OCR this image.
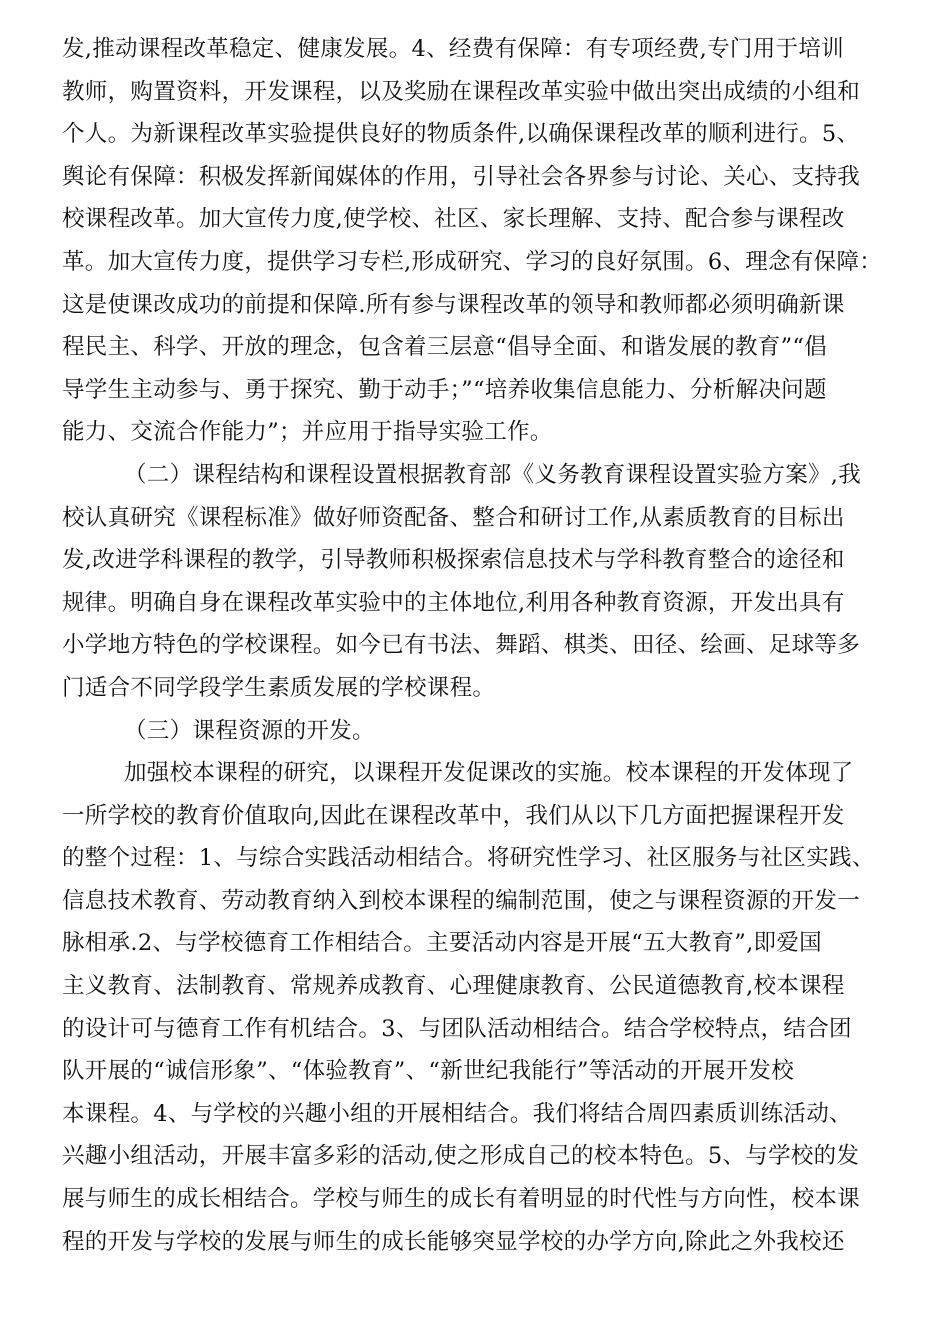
发,推动课程改革稳定、健康发展。4、经费有保障：有专项经费,专门用于培训
教师，购置资料，开发课程，以及奖励在课程改革实验中做出突出成绩的小组和
个人。为新课程改革实验提供良好的物质条件,以确保课程改革的顺利进行。5、
舆论有保障：积极发挥新闻媒体的作用，引导社会各界参与讨论、关心、支持我
校课程改革。加大宣传力度,使学校、社区、家长理解、支持、配合参与课程改
革。加大宣传力度，提供学习专栏,形成研究、学习的良好氛围。6、理念有保障：
这是使课改成功的前提和保障.所有参与课程改革的领导和教师都必须明确新课
程民主、科学、开放的理念，包含着三层意“倡导全面、和谐发展的教育”“倡
导学生主动参与、勇于探究、勤于动手；”“培养收集信息能力、分析解决问题
能力、交流合作能力”；并应用于指导实验工作。
（二）课程结构和课程设置根据教育部《义务教育课程设置实验方案》,我
校认真研究《课程标准》做好师资配备、整合和研讨工作,从素质教育的目标出
发,改进学科课程的教学，引导教师积极探索信息技术与学科教育整合的途径和
规律。明确自身在课程改革实验中的主体地位,利用各种教育资源，开发出具有
小学地方特色的学校课程。如今已有书法、舞蹈、棋类、田径、绘画、足球等多
门适合不同学段学生素质发展的学校课程。
（三）课程资源的开发。
加强校本课程的研究，以课程开发促课改的实施。校本课程的开发体现了
一所学校的教育价值取向,因此在课程改革中，我们从以下几方面把握课程开发
的整个过程：1、与综合实践活动相结合。将研究性学习、社区服务与社区实践、
信息技术教育、劳动教育纳入到校本课程的编制范围，使之与课程资源的开发一
脉相承.2、与学校德育工作相结合。主要活动内容是开展“五大教育”,即爱国
主义教育、法制教育、常规养成教育、心理健康教育、公民道德教育,校本课程
的设计可与德育工作有机结合。3、与团队活动相结合。结合学校特点，结合团
队开展的“诚信形象”、“体验教育”、“新世纪我能行”等活动的开展开发校
本课程。4、与学校的兴趣小组的开展相结合。我们将结合周四素质训练活动、
兴趣小组活动，开展丰富多彩的活动,使之形成自己的校本特色。5、与学校的发
展与师生的成长相结合。学校与师生的成长有着明显的时代性与方向性，校本课
程的开发与学校的发展与师生的成长能够突显学校的办学方向,除此之外我校还
